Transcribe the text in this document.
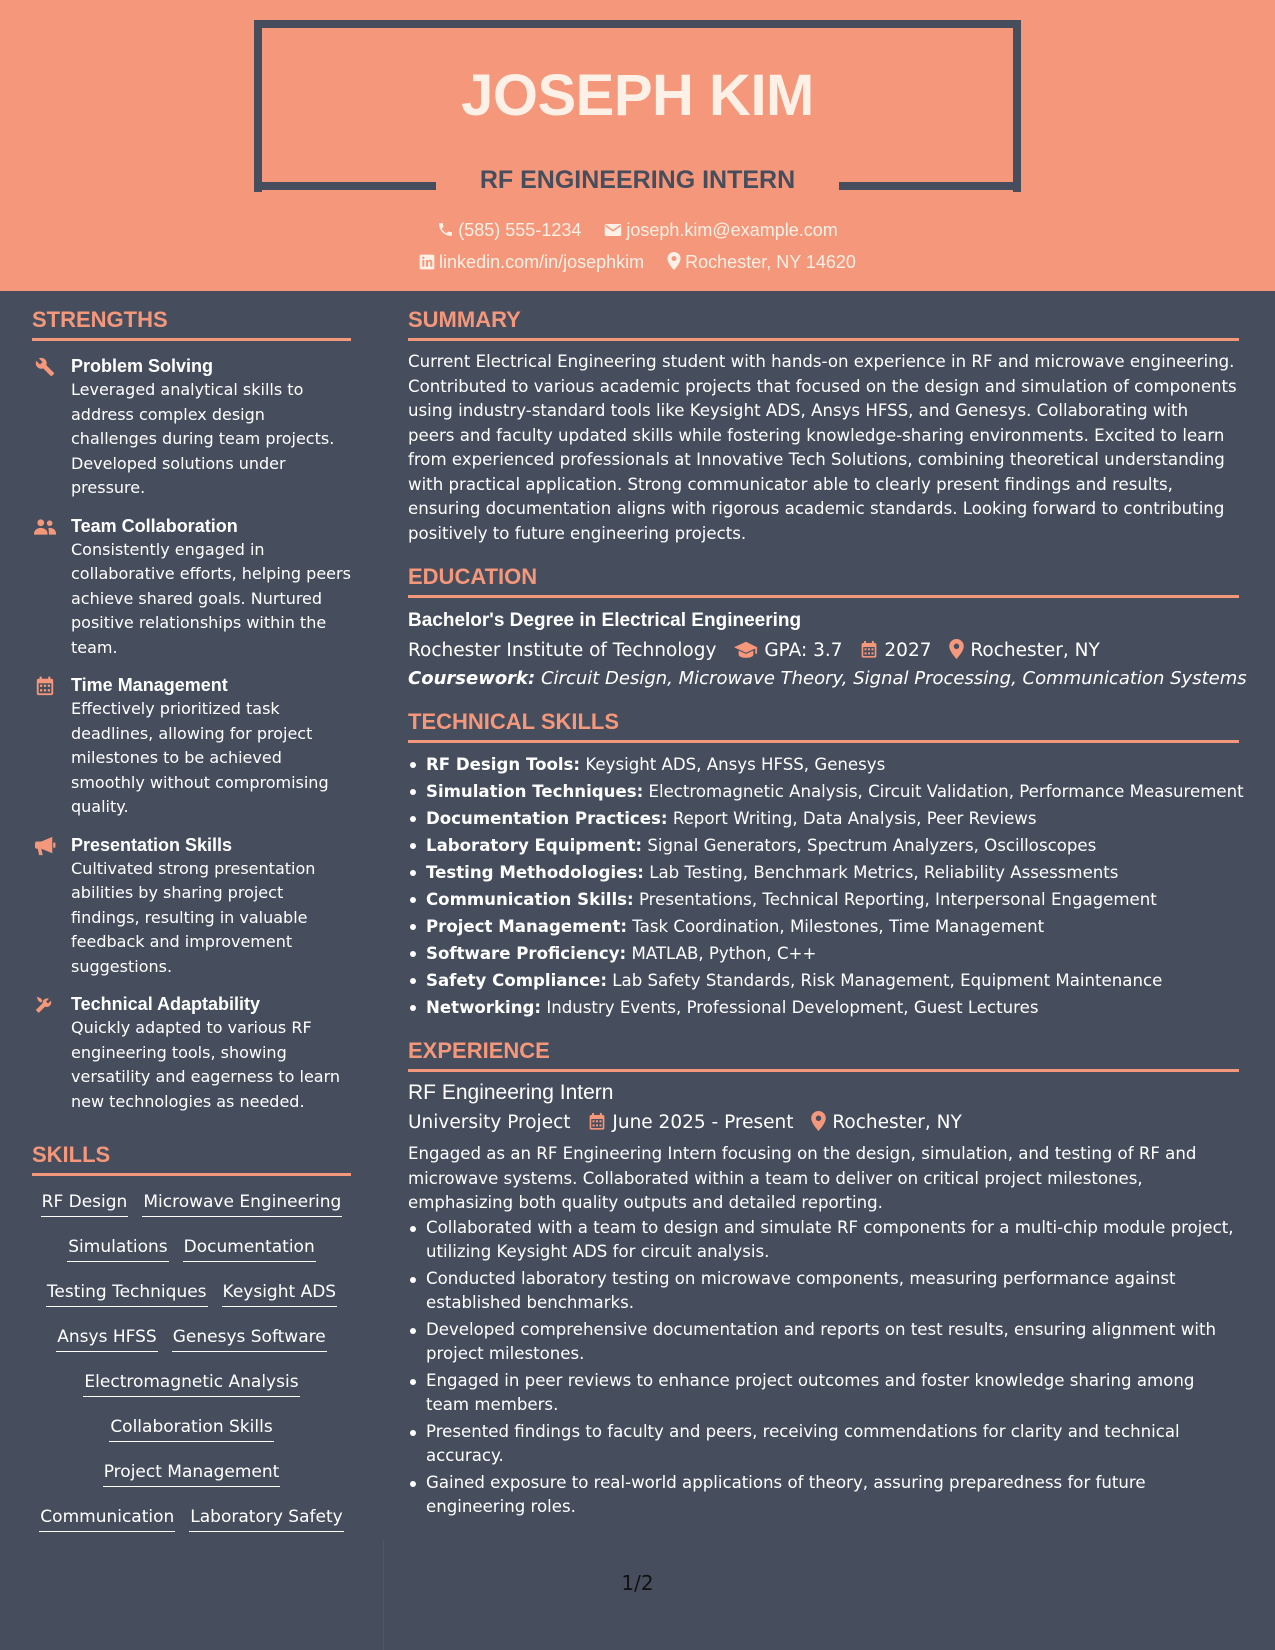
JOSEPH KIM
RF ENGINEERING INTERN
(585) 555-1234	joseph.kim@example.com
linkedin.com/in/josephkim Rochester, NY 14620
STRENGTHS
Problem Solving
Leveraged analytical skills to address complex design challenges during team projects. Developed solutions under pressure.
Team Collaboration
Consistently engaged in collaborative efforts, helping peers achieve shared goals. Nurtured positive relationships within the team.
Time Management
Effectively prioritized task deadlines, allowing for project milestones to be achieved smoothly without compromising quality.
Presentation Skills
Cultivated strong presentation abilities by sharing project findings, resulting in valuable feedback and improvement suggestions.
Technical Adaptability
Quickly adapted to various RF engineering tools, showing versatility and eagerness to learn new technologies as needed.
SKILLS
RF Design Microwave Engineering
Simulations Documentation
Testing Techniques Keysight ADS
Ansys HFSS Genesys Software
Electromagnetic Analysis
Collaboration Skills
Project Management
Communication Laboratory Safety
SUMMARY
Current Electrical Engineering student with hands-on experience in RF and microwave engineering. Contributed to various academic projects that focused on the design and simulation of components using industry-standard tools like Keysight ADS, Ansys HFSS, and Genesys. Collaborating with peers and faculty updated skills while fostering knowledge-sharing environments. Excited to learn from experienced professionals at Innovative Tech Solutions, combining theoretical understanding with practical application. Strong communicator able to clearly present findings and results, ensuring documentation aligns with rigorous academic standards. Looking forward to contributing positively to future engineering projects.
EDUCATION
Bachelor's Degree in Electrical Engineering
Rochester Institute of Technology	GPA: 3.7 2027 Rochester, NY
Coursework: Circuit Design, Microwave Theory, Signal Processing, Communication Systems
TECHNICAL SKILLS
RF Design Tools: Keysight ADS, Ansys HFSS, Genesys
Simulation Techniques: Electromagnetic Analysis, Circuit Validation, Performance Measurement
Documentation Practices: Report Writing, Data Analysis, Peer Reviews
Laboratory Equipment: Signal Generators, Spectrum Analyzers, Oscilloscopes
Testing Methodologies: Lab Testing, Benchmark Metrics, Reliability Assessments
Communication Skills: Presentations, Technical Reporting, Interpersonal Engagement
Project Management: Task Coordination, Milestones, Time Management
Software Proficiency: MATLAB, Python, C++
Safety Compliance: Lab Safety Standards, Risk Management, Equipment Maintenance
Networking: Industry Events, Professional Development, Guest Lectures
EXPERIENCE
RF Engineering Intern
University Project June 2025 - Present Rochester, NY
Engaged as an RF Engineering Intern focusing on the design, simulation, and testing of RF and microwave systems. Collaborated within a team to deliver on critical project milestones, emphasizing both quality outputs and detailed reporting.
Collaborated with a team to design and simulate RF components for a multi-chip module project, utilizing Keysight ADS for circuit analysis.
Conducted laboratory testing on microwave components, measuring performance against established benchmarks.
Developed comprehensive documentation and reports on test results, ensuring alignment with project milestones.
Engaged in peer reviews to enhance project outcomes and foster knowledge sharing among team members.
Presented findings to faculty and peers, receiving commendations for clarity and technical accuracy.
Gained exposure to real-world applications of theory, assuring preparedness for future engineering roles.
1/2
